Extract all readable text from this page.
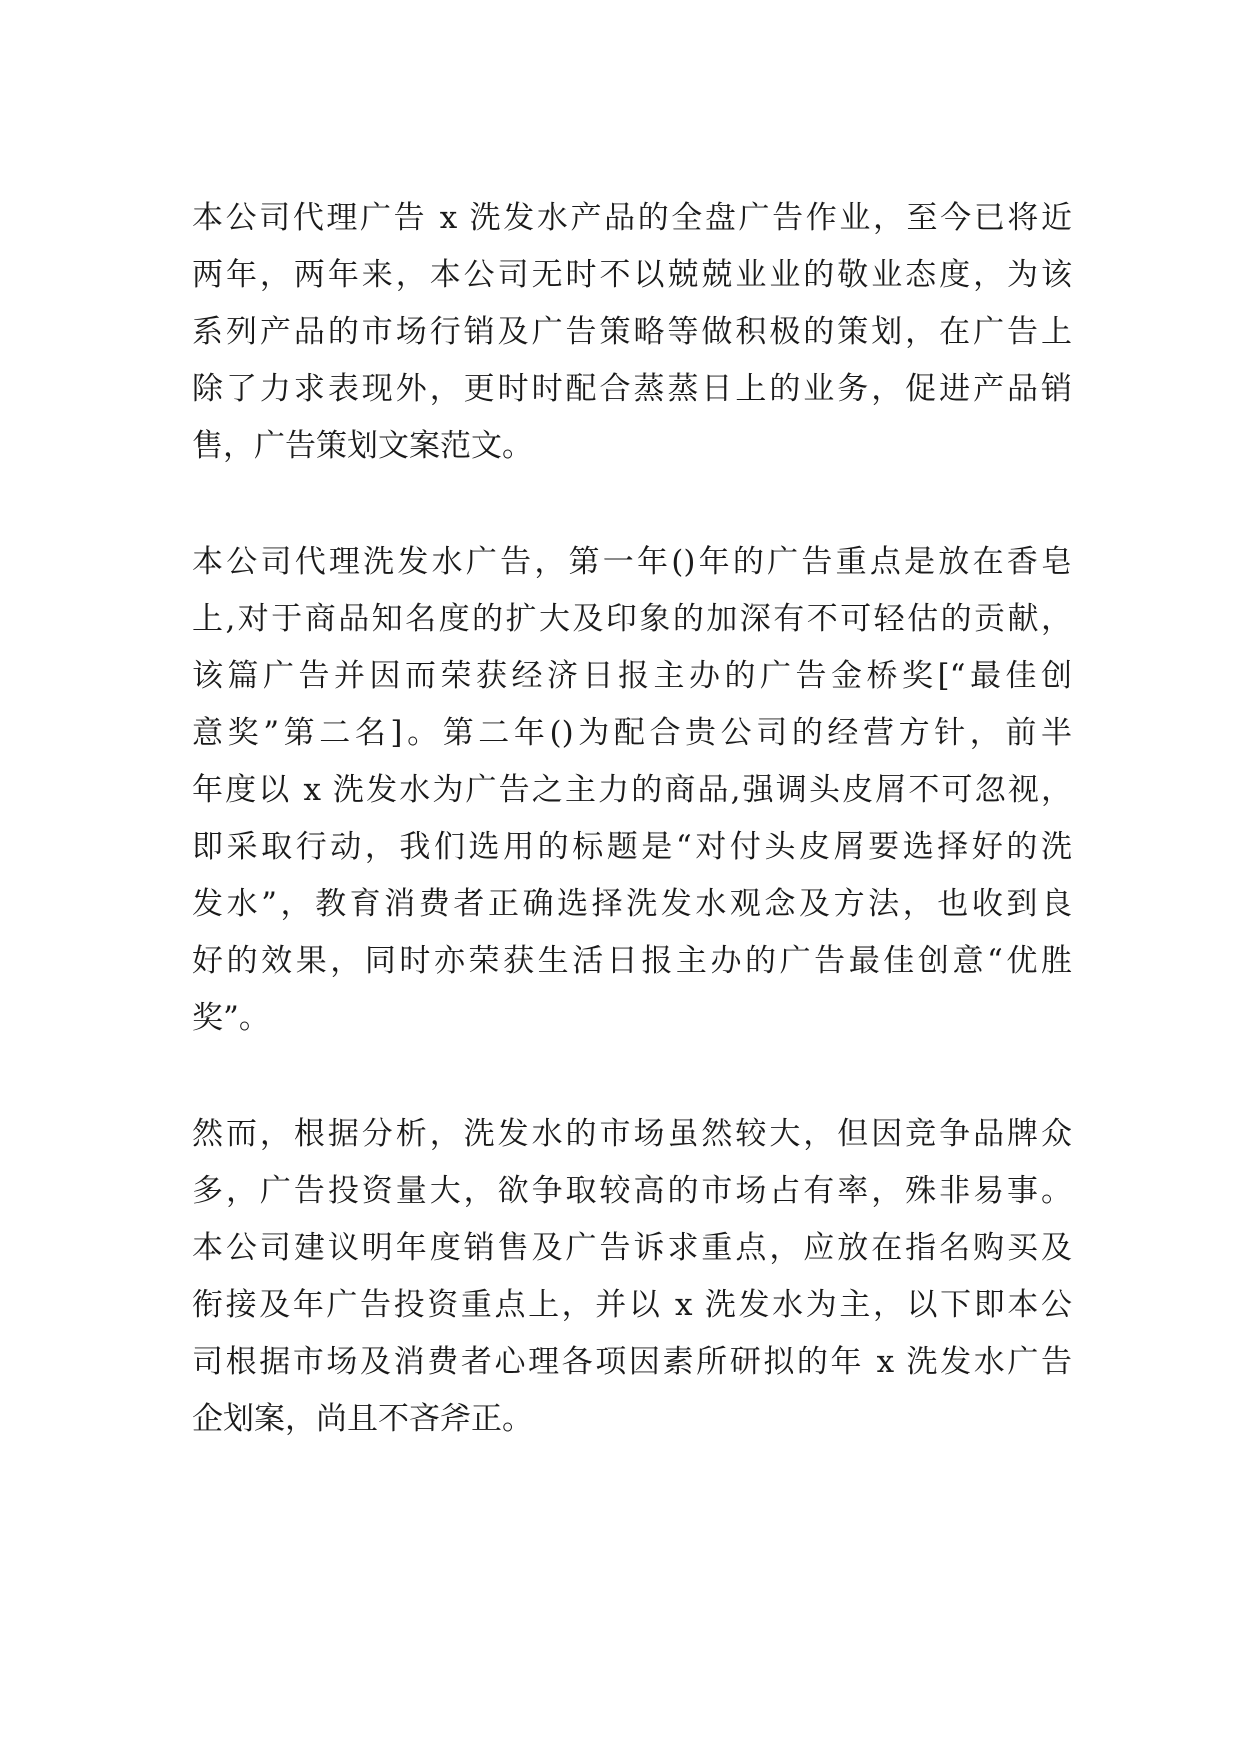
本公司代理广告 x 洗发水产品的全盘广告作业，至今已将近
两年，两年来，本公司无时不以兢兢业业的敬业态度，为该
系列产品的市场行销及广告策略等做积极的策划，在广告上
除了力求表现外，更时时配合蒸蒸日上的业务，促进产品销
售，广告策划文案范文。
本公司代理洗发水广告，第一年()年的广告重点是放在香皂
上,对于商品知名度的扩大及印象的加深有不可轻估的贡献，
该篇广告并因而荣获经济日报主办的广告金桥奖[“最佳创
意奖”第二名]。第二年()为配合贵公司的经营方针，前半
年度以 x 洗发水为广告之主力的商品,强调头皮屑不可忽视，
即采取行动，我们选用的标题是“对付头皮屑要选择好的洗
发水”，教育消费者正确选择洗发水观念及方法，也收到良
好的效果，同时亦荣获生活日报主办的广告最佳创意“优胜
奖”。
然而，根据分析，洗发水的市场虽然较大，但因竞争品牌众
多，广告投资量大，欲争取较高的市场占有率，殊非易事。
本公司建议明年度销售及广告诉求重点，应放在指名购买及
衔接及年广告投资重点上，并以 x 洗发水为主，以下即本公
司根据市场及消费者心理各项因素所研拟的年 x 洗发水广告
企划案，尚且不吝斧正。
